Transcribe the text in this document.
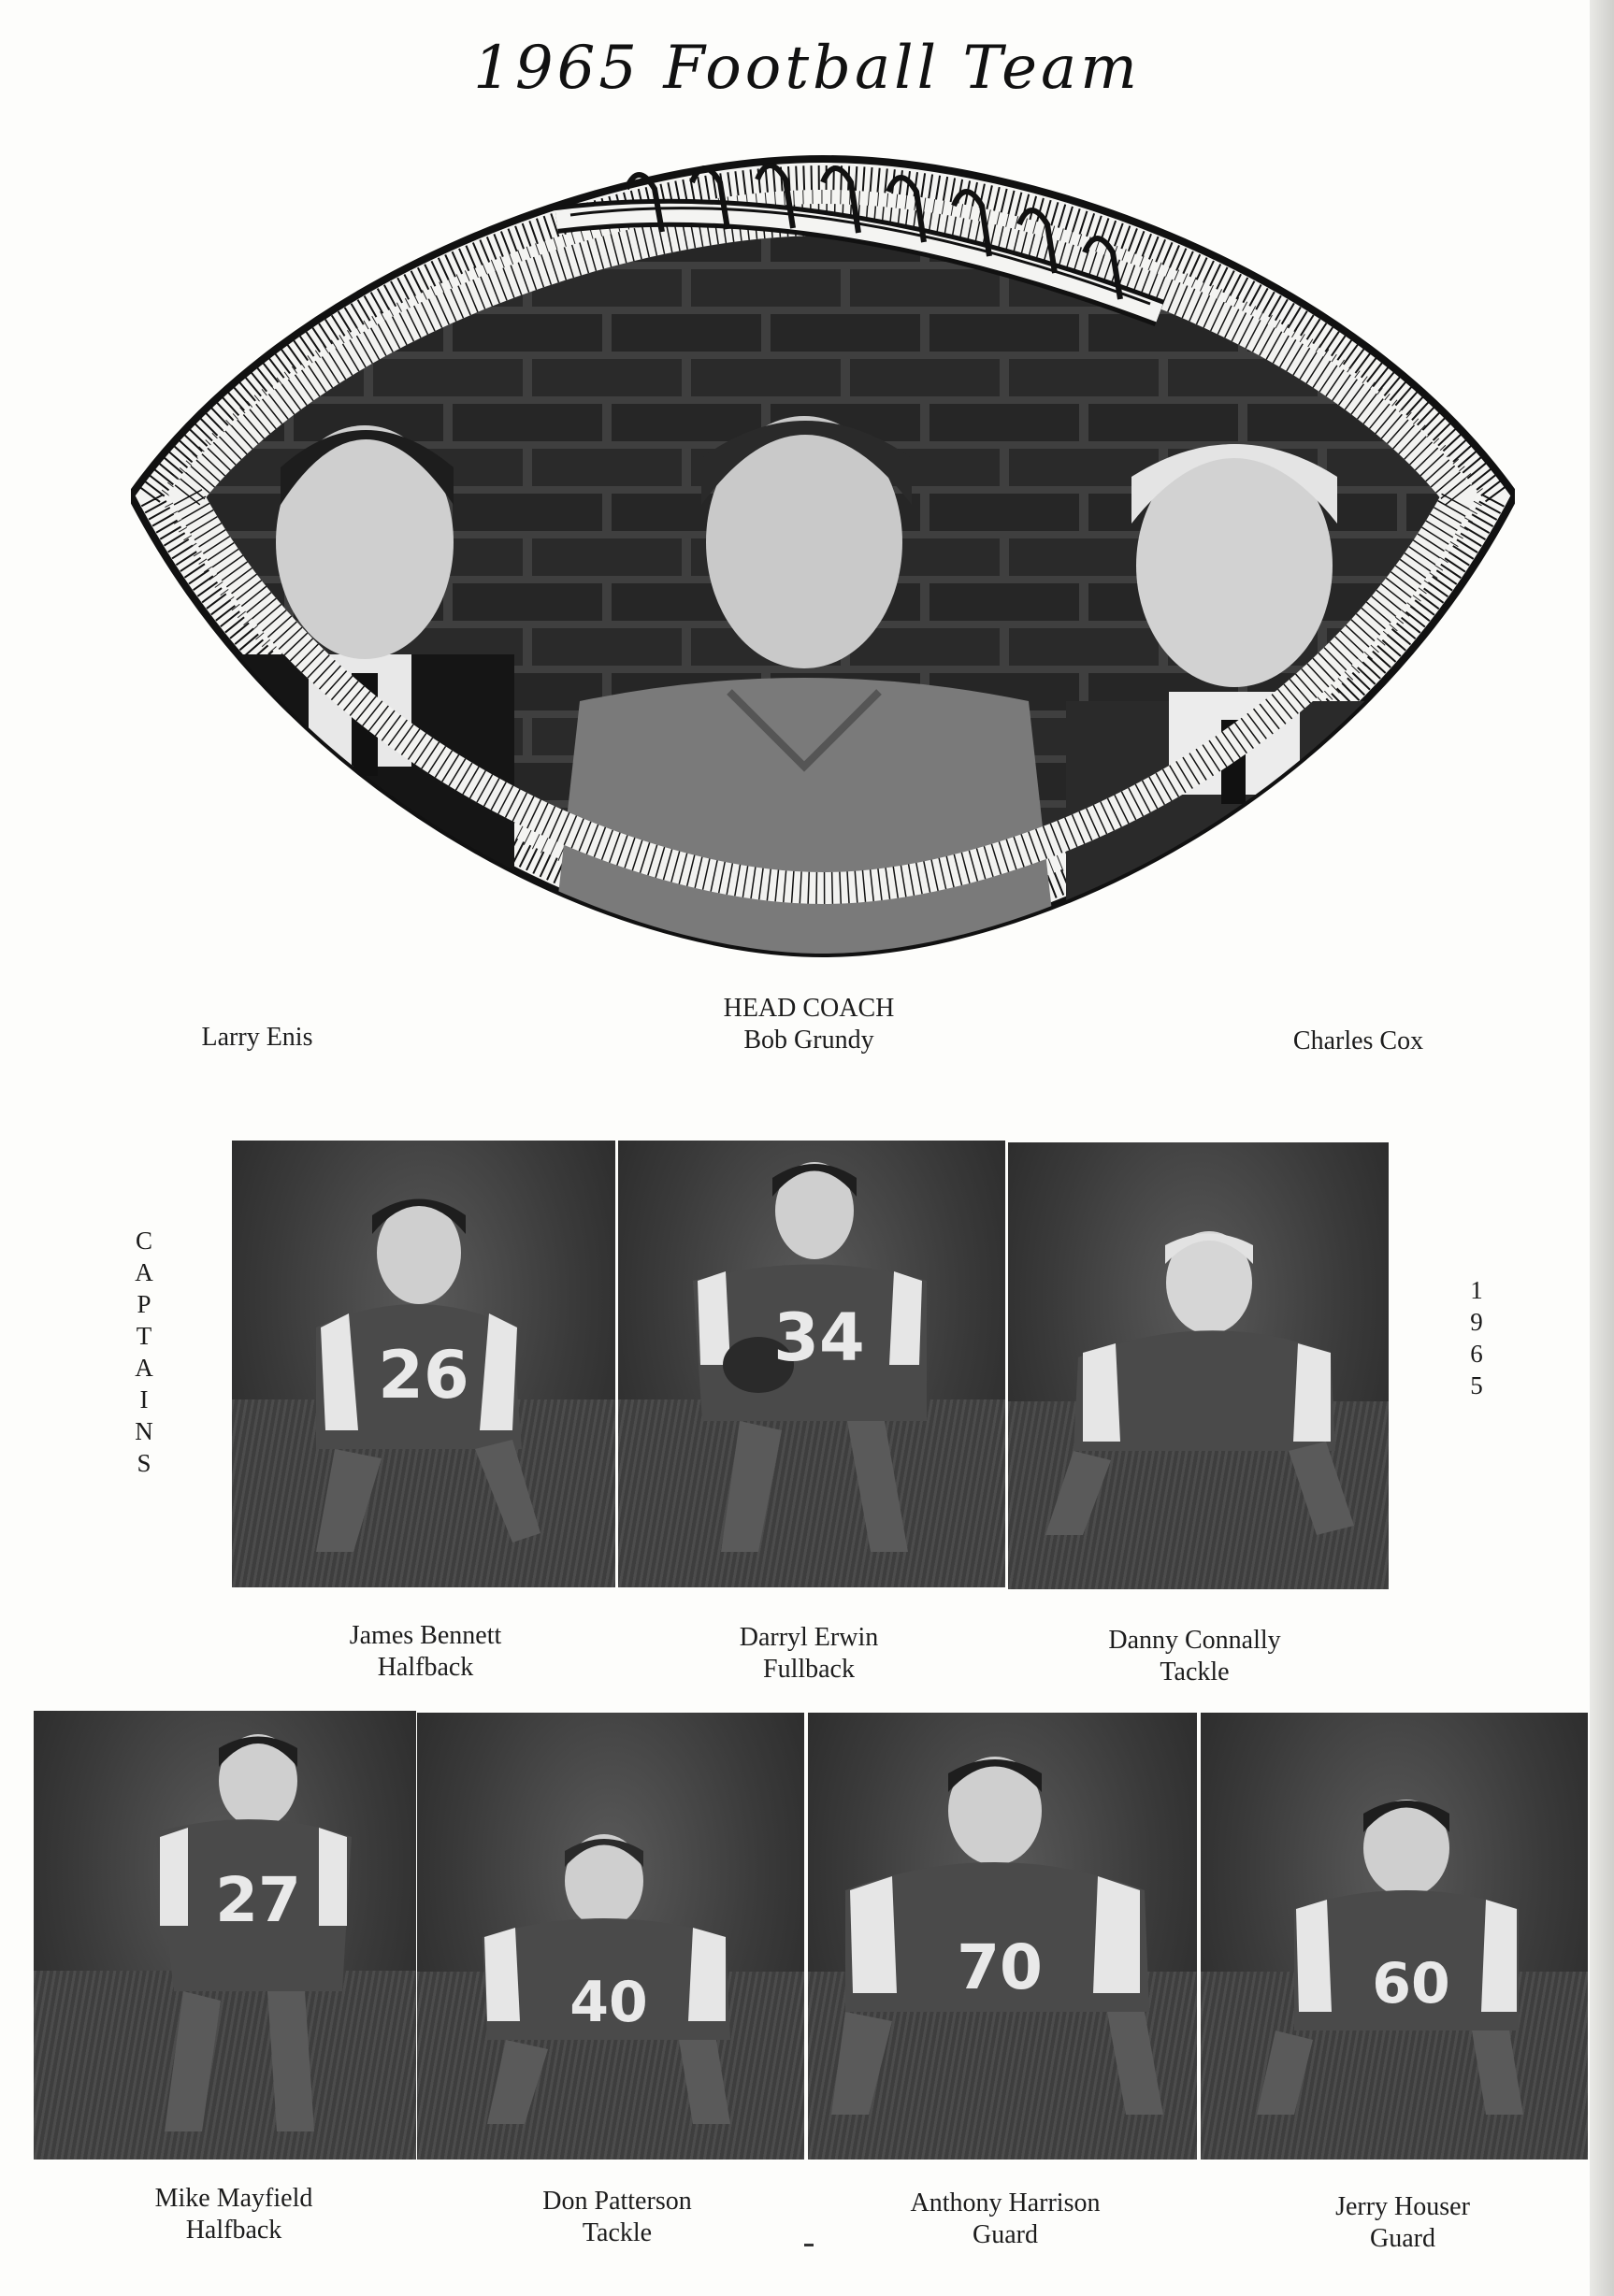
1965 Football Team
Larry Enis
HEAD COACH
Bob Grundy	Charles Cox
C
A
P
T
A
I
N
S
1
9
6
5
26	34
James Bennett
Halfback
Darryl Erwin
Fullback
Danny Connally
Tackle
27
40	70	60
Mike Mayfield
Halfback
Don Patterson
Tackle
Anthony Harrison
Guard
Jerry Houser
Guard
